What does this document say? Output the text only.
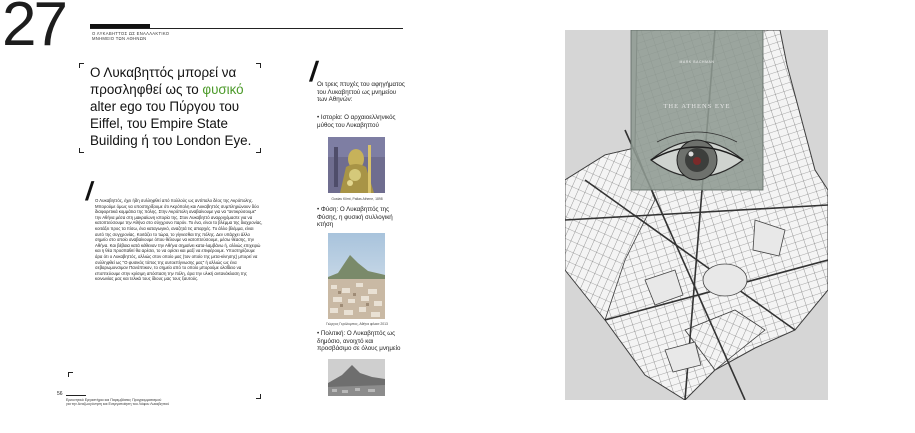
27	Ο ΛΥΚΑΒΗΤΤΟΣ ΩΣ ΕΝΑΛΛΑΚΤΙΚΟ
ΜΝΗΜΕΙΟ ΤΩΝ ΑΘΗΝΩΝ
Ο Λυκαβηττός μπορεί να προσληφθεί ως το φυσικό alter ego του Πύργου του Eiffel, του Empire State Building ή του London Eye.
/ Ο Λυκαβηττός, έχει ήδη συλληφθεί από πολλούς ως αντίπαλο δέος της Ακρόπολης. Μπορούμε όμως να υποστηρίξουμε ότι Ακρόπολη και Λυκαβηττός συμπληρώνουν δύο διαφορετικά κομμάτια της πόλης. Στην Ακρόπολη αναβαίνουμε για να "αντικρύσουμε" την Αθήνα μέσα στη μακραίωνη ιστορία της. Στον Λυκαβηττό αναρριχόμαστε για να κατοπτεύσουμε την Αθήνα στο σύγχρονο παρόν. Το ένα, είναι το βλέμμα της διαχρονίας, κοιτάζει προς τα πίσω, ένα καταγωγικό, αναζητά τις απαρχές. Το άλλο βλέμμα, είναι αυτό της συγχρονίας. Κοιτάζει το τώρα, το γίγνεσθαι της πόλης. Δεν υπάρχει άλλο σημείο στο οποίο αναβαίνουμε όπου θέλουμε να κατοπτεύσουμε, μέσω θέασης, την Αθήνα. Και βέβαια κατά κάθεναν την Αθήνα σημαίνει κατα-λαμβάνω ή, αλλιώς επιχειρώ και η θέα προσπαθεί θα αρέσει, το να ορίσει και μαζί να επιφέρουμε. Υποστηρίζουμε άρα ότι ο Λυκαβηττός, αλλιώς στον οποίο μας (τον οποίο της μετα-κίνησης) μπορεί να συλληφθεί ως "Ο φυσικός τόπος της αυτοεπίγνωσης μας" ή αλλιώς ως ένα σεβαρωμονσιμον Πανόπτικον, το σημείο από το οποίο μπορούμε ολοΐδειο να εποπτεύουμε στην κρίσιμη απόσταση την πόλη, άρα την υλική αντανάκλαση της κοινωνίας μας και τελικά τους ίδιους μας τους ξαυτούς.
56
Ερευνητικό Εργαστήριο και Παρεμβάσεις Προγραμματισμού
για την Αναζωογόνηση και Ενεργοποίηση του Λόφου Λυκαβηττού
/
Οι τρεις πτυχές του αφηγήματος του Λυκαβηττού ως μνημείου των Αθηνών:
• Ιστορία: Ο αρχαιοελληνικός μύθος του Λυκαβηττού
Gustav Klimt, Pallas Athene, 1898
• Φύση: Ο Λυκαβηττός της Φύσης, η φυσική συλλογική κτήση
Γιώργος Γερόλυμπος, Αθήνα φιλιασ 2013
• Πολιτική: Ο Λυκαβηττός ως δημόσιο, ανοιχτό και προσβάσιμο σε όλους μνημείο
MARK BACHMAN
THE ATHENS EYE
